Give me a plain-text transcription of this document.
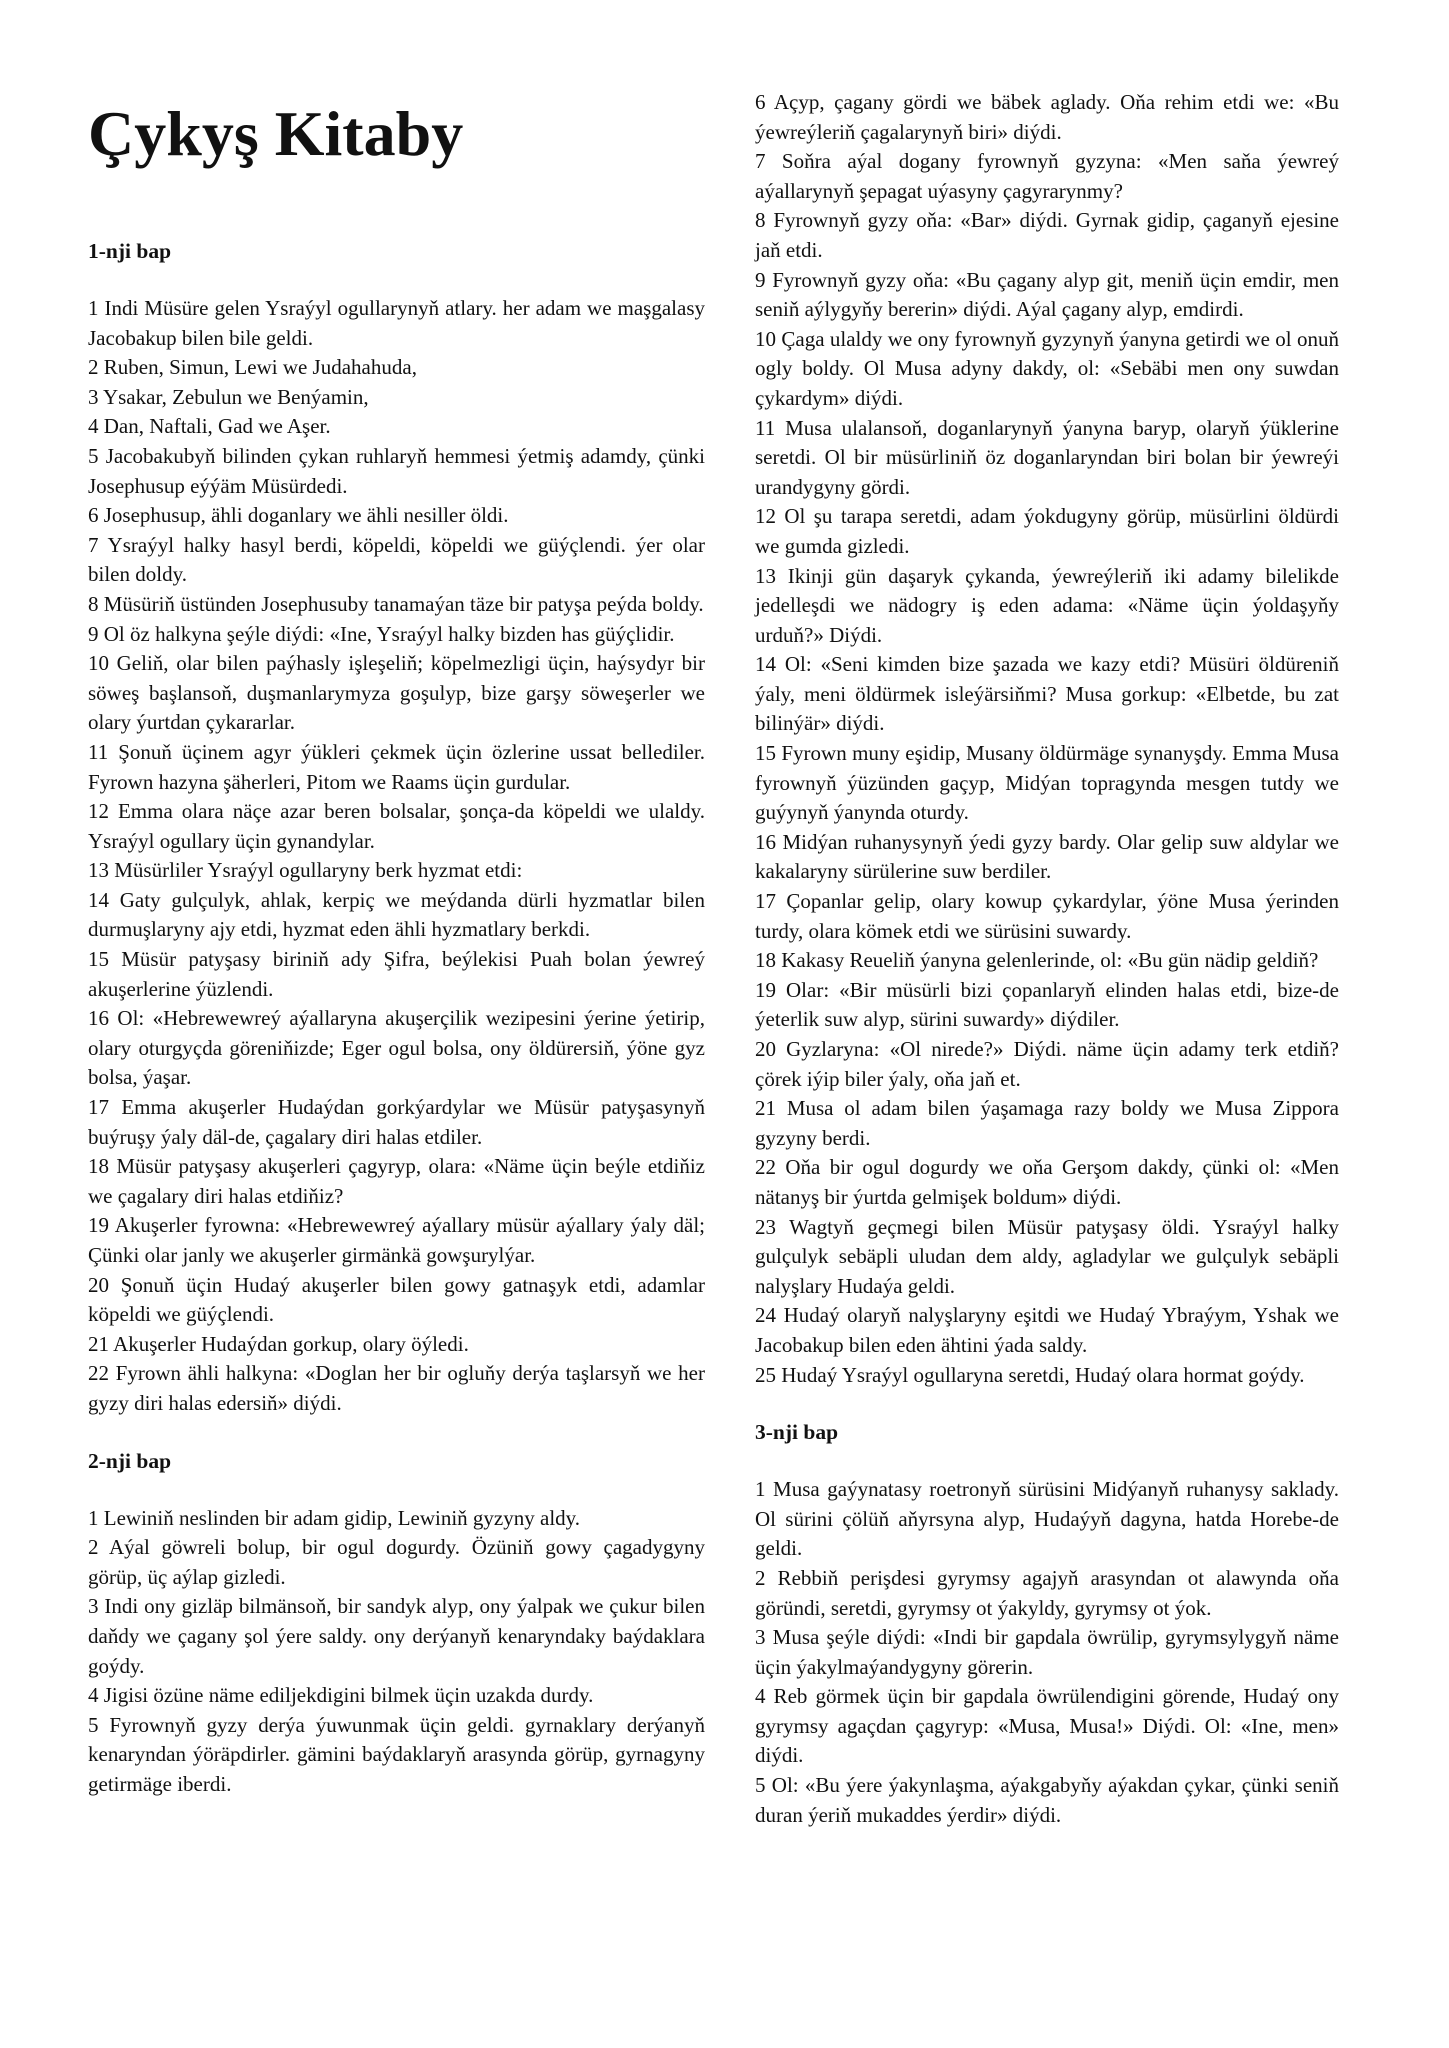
Çykyş Kitaby
1-nji bap

1 Indi Müsüre gelen Ysraýyl ogullarynyň atlary. her adam we maşgalasy Jacobakup bilen bile geldi.

2 Ruben, Simun, Lewi we Judahahuda,

3 Ysakar, Zebulun we Benýamin,

4 Dan, Naftali, Gad we Aşer.

5 Jacobakubyň bilinden çykan ruhlaryň hemmesi ýetmiş adamdy, çünki Josephusup eýýäm Müsürdedi.

6 Josephusup, ähli doganlary we ähli nesiller öldi.

7 Ysraýyl halky hasyl berdi, köpeldi, köpeldi we güýçlendi. ýer olar bilen doldy.

8 Müsüriň üstünden Josephusuby tanamaýan täze bir patyşa peýda boldy.

9 Ol öz halkyna şeýle diýdi: «Ine, Ysraýyl halky bizden has güýçlidir.

10 Geliň, olar bilen paýhasly işleşeliň; köpelmezligi üçin, haýsydyr bir söweş başlansoň, duşmanlarymyza goşulyp, bize garşy söweşerler we olary ýurtdan çykararlar.

11 Şonuň üçinem agyr ýükleri çekmek üçin özlerine ussat bellediler. Fyrown hazyna şäherleri, Pitom we Raams üçin gurdular.

12 Emma olara näçe azar beren bolsalar, şonça-da köpeldi we ulaldy. Ysraýyl ogullary üçin gynandylar.

13 Müsürliler Ysraýyl ogullaryny berk hyzmat etdi:

14 Gaty gulçulyk, ahlak, kerpiç we meýdanda dürli hyzmatlar bilen durmuşlaryny ajy etdi, hyzmat eden ähli hyzmatlary berkdi.

15 Müsür patyşasy biriniň ady Şifra, beýlekisi Puah bolan ýewreý akuşerlerine ýüzlendi.

16 Ol: «Hebrewewreý aýallaryna akuşerçilik wezipesini ýerine ýetirip, olary oturgyçda göreniňizde; Eger ogul bolsa, ony öldürersiň, ýöne gyz bolsa, ýaşar.

17 Emma akuşerler Hudaýdan gorkýardylar we Müsür patyşasynyň buýruşy ýaly däl-de, çagalary diri halas etdiler.

18 Müsür patyşasy akuşerleri çagyryp, olara: «Näme üçin beýle etdiňiz we çagalary diri halas etdiňiz?

19 Akuşerler fyrowna: «Hebrewewreý aýallary müsür aýallary ýaly däl; Çünki olar janly we akuşerler girmänkä gowşurylýar.

20 Şonuň üçin Hudaý akuşerler bilen gowy gatnaşyk etdi, adamlar köpeldi we güýçlendi.

21 Akuşerler Hudaýdan gorkup, olary öýledi.

22 Fyrown ähli halkyna: «Doglan her bir ogluňy derýa taşlarsyň we her gyzy diri halas edersiň» diýdi.

2-nji bap

1 Lewiniň neslinden bir adam gidip, Lewiniň gyzyny aldy.

2 Aýal göwreli bolup, bir ogul dogurdy. Özüniň gowy çagadygyny görüp, üç aýlap gizledi.

3 Indi ony gizläp bilmänsoň, bir sandyk alyp, ony ýalpak we çukur bilen daňdy we çagany şol ýere saldy. ony derýanyň kenaryndaky baýdaklara goýdy.

4 Jigisi özüne näme ediljekdigini bilmek üçin uzakda durdy.

5 Fyrownyň gyzy derýa ýuwunmak üçin geldi. gyrnaklary derýanyň kenaryndan ýöräpdirler. gämini baýdaklaryň arasynda görüp, gyrnagyny getirmäge iberdi.

6 Açyp, çagany gördi we bäbek aglady. Oňa rehim etdi we: «Bu ýewreýleriň çagalarynyň biri» diýdi.

7 Soňra aýal dogany fyrownyň gyzyna: «Men saňa ýewreý aýallarynyň şepagat uýasyny çagyrarynmy?

8 Fyrownyň gyzy oňa: «Bar» diýdi. Gyrnak gidip, çaganyň ejesine jaň etdi.

9 Fyrownyň gyzy oňa: «Bu çagany alyp git, meniň üçin emdir, men seniň aýlygyňy bererin» diýdi. Aýal çagany alyp, emdirdi.

10 Çaga ulaldy we ony fyrownyň gyzynyň ýanyna getirdi we ol onuň ogly boldy. Ol Musa adyny dakdy, ol: «Sebäbi men ony suwdan çykardym» diýdi.

11 Musa ulalansoň, doganlarynyň ýanyna baryp, olaryň ýüklerine seretdi. Ol bir müsürliniň öz doganlaryndan biri bolan bir ýewreýi urandygyny gördi.

12 Ol şu tarapa seretdi, adam ýokdugyny görüp, müsürlini öldürdi we gumda gizledi.

13 Ikinji gün daşaryk çykanda, ýewreýleriň iki adamy bilelikde jedelleşdi we nädogry iş eden adama: «Näme üçin ýoldaşyňy urduň?» Diýdi.

14 Ol: «Seni kimden bize şazada we kazy etdi? Müsüri öldüreniň ýaly, meni öldürmek isleýärsiňmi? Musa gorkup: «Elbetde, bu zat bilinýär» diýdi.

15 Fyrown muny eşidip, Musany öldürmäge synanyşdy. Emma Musa fyrownyň ýüzünden gaçyp, Midýan topragynda mesgen tutdy we guýynyň ýanynda oturdy.

16 Midýan ruhanysynyň ýedi gyzy bardy. Olar gelip suw aldylar we kakalaryny sürülerine suw berdiler.

17 Çopanlar gelip, olary kowup çykardylar, ýöne Musa ýerinden turdy, olara kömek etdi we sürüsini suwardy.

18 Kakasy Reueliň ýanyna gelenlerinde, ol: «Bu gün nädip geldiň?

19 Olar: «Bir müsürli bizi çopanlaryň elinden halas etdi, bize-de ýeterlik suw alyp, sürini suwardy» diýdiler.

20 Gyzlaryna: «Ol nirede?» Diýdi. näme üçin adamy terk etdiň? çörek iýip biler ýaly, oňa jaň et.

21 Musa ol adam bilen ýaşamaga razy boldy we Musa Zippora gyzyny berdi.

22 Oňa bir ogul dogurdy we oňa Gerşom dakdy, çünki ol: «Men nätanyş bir ýurtda gelmişek boldum» diýdi.

23 Wagtyň geçmegi bilen Müsür patyşasy öldi. Ysraýyl halky gulçulyk sebäpli uludan dem aldy, agladylar we gulçulyk sebäpli nalyşlary Hudaýa geldi.

24 Hudaý olaryň nalyşlaryny eşitdi we Hudaý Ybraýym, Yshak we Jacobakup bilen eden ähtini ýada saldy.

25 Hudaý Ysraýyl ogullaryna seretdi, Hudaý olara hormat goýdy.

3-nji bap

1 Musa gaýynatasy roetronyň sürüsini Midýanyň ruhanysy saklady. Ol sürini çölüň aňyrsyna alyp, Hudaýyň dagyna, hatda Horebe-de geldi.

2 Rebbiň perişdesi gyrymsy agajyň arasyndan ot alawynda oňa göründi, seretdi, gyrymsy ot ýakyldy, gyrymsy ot ýok.

3 Musa şeýle diýdi: «Indi bir gapdala öwrülip, gyrymsylygyň näme üçin ýakylmaýandygyny görerin.

4 Reb görmek üçin bir gapdala öwrülendigini görende, Hudaý ony gyrymsy agaçdan çagyryp: «Musa, Musa!» Diýdi. Ol: «Ine, men» diýdi.

5 Ol: «Bu ýere ýakynlaşma, aýakgabyňy aýakdan çykar, çünki seniň duran ýeriň mukaddes ýerdir» diýdi.
